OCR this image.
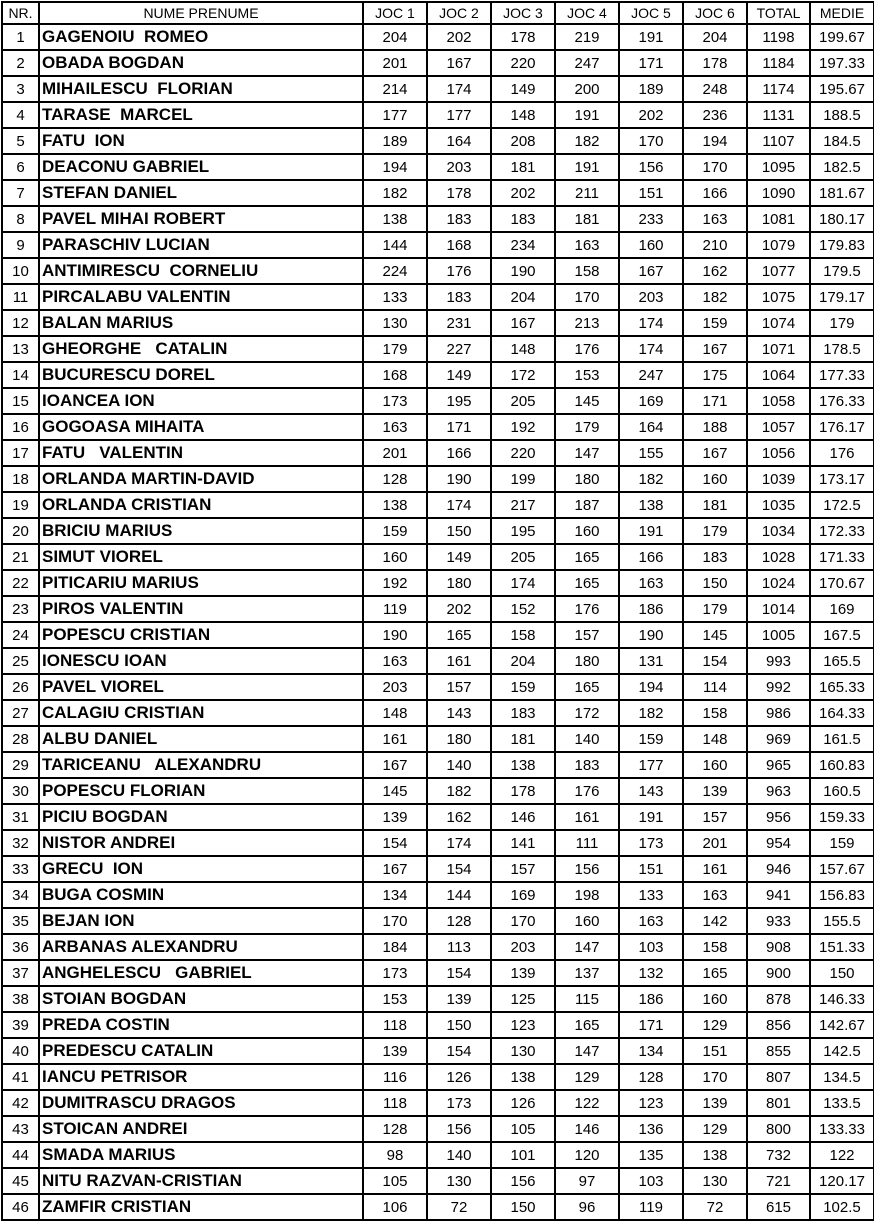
NR.	NUME PRENUME	JOC 1	JOC 2	JOC 3	JOC 4	JOC 5	JOC 6	TOTAL	MEDIE
1	GAGENOIU  ROMEO	204	202	178	219	191	204	1198	199.67
2	OBADA BOGDAN	201	167	220	247	171	178	1184	197.33
3	MIHAILESCU  FLORIAN	214	174	149	200	189	248	1174	195.67
4	TARASE  MARCEL	177	177	148	191	202	236	1131	188.5
5	FATU  ION	189	164	208	182	170	194	1107	184.5
6	DEACONU GABRIEL	194	203	181	191	156	170	1095	182.5
7	STEFAN DANIEL	182	178	202	211	151	166	1090	181.67
8	PAVEL MIHAI ROBERT	138	183	183	181	233	163	1081	180.17
9	PARASCHIV LUCIAN	144	168	234	163	160	210	1079	179.83
10	ANTIMIRESCU  CORNELIU	224	176	190	158	167	162	1077	179.5
11	PIRCALABU VALENTIN	133	183	204	170	203	182	1075	179.17
12	BALAN MARIUS	130	231	167	213	174	159	1074	179
13	GHEORGHE   CATALIN	179	227	148	176	174	167	1071	178.5
14	BUCURESCU DOREL	168	149	172	153	247	175	1064	177.33
15	IOANCEA ION	173	195	205	145	169	171	1058	176.33
16	GOGOASA MIHAITA	163	171	192	179	164	188	1057	176.17
17	FATU   VALENTIN	201	166	220	147	155	167	1056	176
18	ORLANDA MARTIN-DAVID	128	190	199	180	182	160	1039	173.17
19	ORLANDA CRISTIAN	138	174	217	187	138	181	1035	172.5
20	BRICIU MARIUS	159	150	195	160	191	179	1034	172.33
21	SIMUT VIOREL	160	149	205	165	166	183	1028	171.33
22	PITICARIU MARIUS	192	180	174	165	163	150	1024	170.67
23	PIROS VALENTIN	119	202	152	176	186	179	1014	169
24	POPESCU CRISTIAN	190	165	158	157	190	145	1005	167.5
25	IONESCU IOAN	163	161	204	180	131	154	993	165.5
26	PAVEL VIOREL	203	157	159	165	194	114	992	165.33
27	CALAGIU CRISTIAN	148	143	183	172	182	158	986	164.33
28	ALBU DANIEL	161	180	181	140	159	148	969	161.5
29	TARICEANU   ALEXANDRU	167	140	138	183	177	160	965	160.83
30	POPESCU FLORIAN	145	182	178	176	143	139	963	160.5
31	PICIU BOGDAN	139	162	146	161	191	157	956	159.33
32	NISTOR ANDREI	154	174	141	111	173	201	954	159
33	GRECU  ION	167	154	157	156	151	161	946	157.67
34	BUGA COSMIN	134	144	169	198	133	163	941	156.83
35	BEJAN ION	170	128	170	160	163	142	933	155.5
36	ARBANAS ALEXANDRU	184	113	203	147	103	158	908	151.33
37	ANGHELESCU   GABRIEL	173	154	139	137	132	165	900	150
38	STOIAN BOGDAN	153	139	125	115	186	160	878	146.33
39	PREDA COSTIN	118	150	123	165	171	129	856	142.67
40	PREDESCU CATALIN	139	154	130	147	134	151	855	142.5
41	IANCU PETRISOR	116	126	138	129	128	170	807	134.5
42	DUMITRASCU DRAGOS	118	173	126	122	123	139	801	133.5
43	STOICAN ANDREI	128	156	105	146	136	129	800	133.33
44	SMADA MARIUS	98	140	101	120	135	138	732	122
45	NITU RAZVAN-CRISTIAN	105	130	156	97	103	130	721	120.17
46	ZAMFIR CRISTIAN	106	72	150	96	119	72	615	102.5
